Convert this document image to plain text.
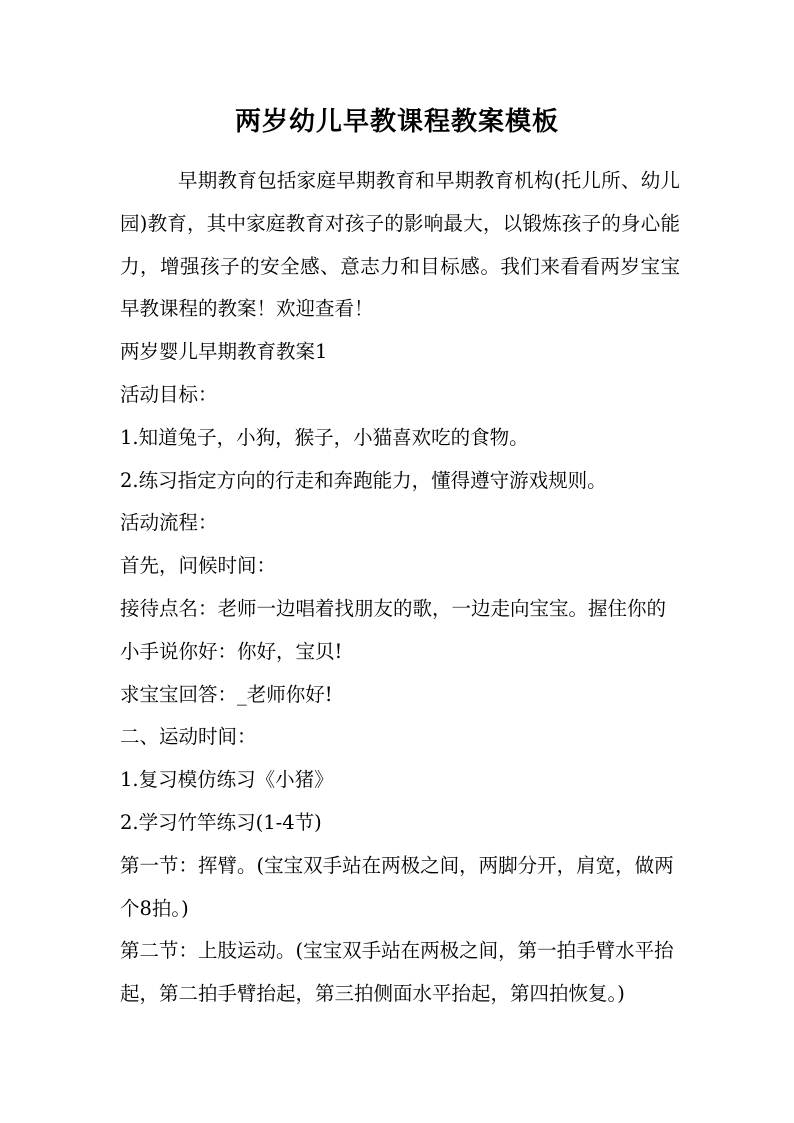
两岁幼儿早教课程教案模板

早期教育包括家庭早期教育和早期教育机构(托儿所、幼儿园)教育，其中家庭教育对孩子的影响最大，以锻炼孩子的身心能力，增强孩子的安全感、意志力和目标感。我们来看看两岁宝宝早教课程的教案！欢迎查看！

两岁婴儿早期教育教案1

活动目标：

1.知道兔子，小狗，猴子，小猫喜欢吃的食物。

2.练习指定方向的行走和奔跑能力，懂得遵守游戏规则。

活动流程：

首先，问候时间：

接待点名：老师一边唱着找朋友的歌，一边走向宝宝。握住你的小手说你好：你好，宝贝!

求宝宝回答：_老师你好!

二、运动时间：

1.复习模仿练习《小猪》

2.学习竹竿练习(1-4节)

第一节：挥臂。(宝宝双手站在两极之间，两脚分开，肩宽，做两个8拍。)

第二节：上肢运动。(宝宝双手站在两极之间，第一拍手臂水平抬起，第二拍手臂抬起，第三拍侧面水平抬起，第四拍恢复。)
